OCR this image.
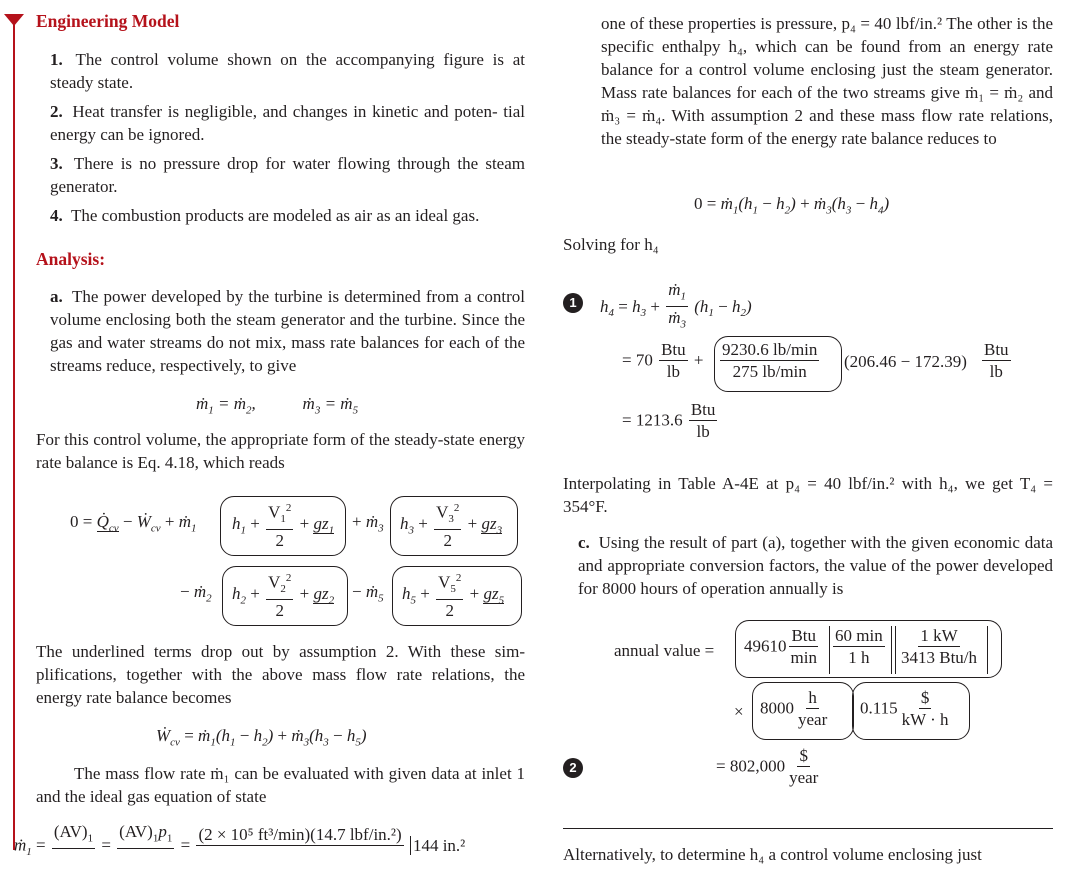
Engineering Model
1. The control volume shown on the accompanying figure is at steady state.
2. Heat transfer is negligible, and changes in kinetic and poten- tial energy can be ignored.
3. There is no pressure drop for water flowing through the steam generator.
4. The combustion products are modeled as air as an ideal gas.
Analysis:
a. The power developed by the turbine is determined from a control volume enclosing both the steam generator and the turbine. Since the gas and water streams do not mix, mass rate balances for each of the streams reduce, respectively, to give
ṁ$_1$ = ṁ$_2$,           ṁ$_3$ = ṁ$_5$
For this control volume, the appropriate form of the steady-state energy rate balance is Eq. 4.18, which reads
$0 = Q̇_{cv}$ − Ẇ$_{cv}$ + ṁ$_1$ $h_1 + \frac{V_1^2}{2} + gz_1$ + ṁ$_3$ $h_3 + \frac{V_3^2}{2} + gz_3$
− ṁ$_2$ $h_2 + \frac{V_2^2}{2} + gz_2$ − ṁ$_5$ $h_5 + \frac{V_5^2}{2} + gz_5$
The underlined terms drop out by assumption 2. With these sim- plifications, together with the above mass flow rate relations, the energy rate balance becomes
Ẇ$_{cv}$ = $ṁ_1(h_1 - h_2)$ + $ṁ_3(h_3 - h_5)$
The mass flow rate ṁ₁ can be evaluated with given data at inlet 1 and the ideal gas equation of state
ṁ$_1$ =
$(AV)_1$
=
$(AV)_1p_1$
=
(2 × 10⁵ ft³/min)(14.7 lbf/in.²)

144 in.²
one of these properties is pressure, p₄ = 40 lbf/in.² The other is the specific enthalpy h₄, which can be found from an energy rate balance for a control volume enclosing just the steam generator. Mass rate balances for each of the two streams give ṁ₁ = ṁ₂ and ṁ₃ = ṁ₄. With assumption 2 and these mass flow rate relations, the steady-state form of the energy rate balance reduces to
$0 = ṁ_1(h_1 - h_2)$ + $ṁ_3(h_3 - h_4)$
Solving for h₄
1	$h_4 = h_3 + \frac{ṁ_1}{ṁ_3} (h_1 - h_2)$
= $70 \frac{\text{Btu}}{lb} + \frac{9230.6 lb/\min}{275 lb/\min} (206.46 - 172.39) \frac{\text{Btu}}{lb}$
= $1213.6 \frac{\text{Btu}}{lb}$
Interpolating in Table A-4E at p₄ = 40 lbf/in.² with h₄, we get T₄ = 354°F.
c. Using the result of part (a), together with the given economic data and appropriate conversion factors, the value of the power developed for 8000 hours of operation annually is
annual value = $49610 \frac{\text{Btu}}{\min} \frac{60 \min}{1 h} \frac{1 kW}{\text{3413 Btu/h}}$
× $8000 \frac{h}{\text{year}} 0.115 \frac{\$}{kW \cdot h}$
2	= $802,000 \frac{\$}{\text{year}}$
Alternatively, to determine h₄ a control volume enclosing just
